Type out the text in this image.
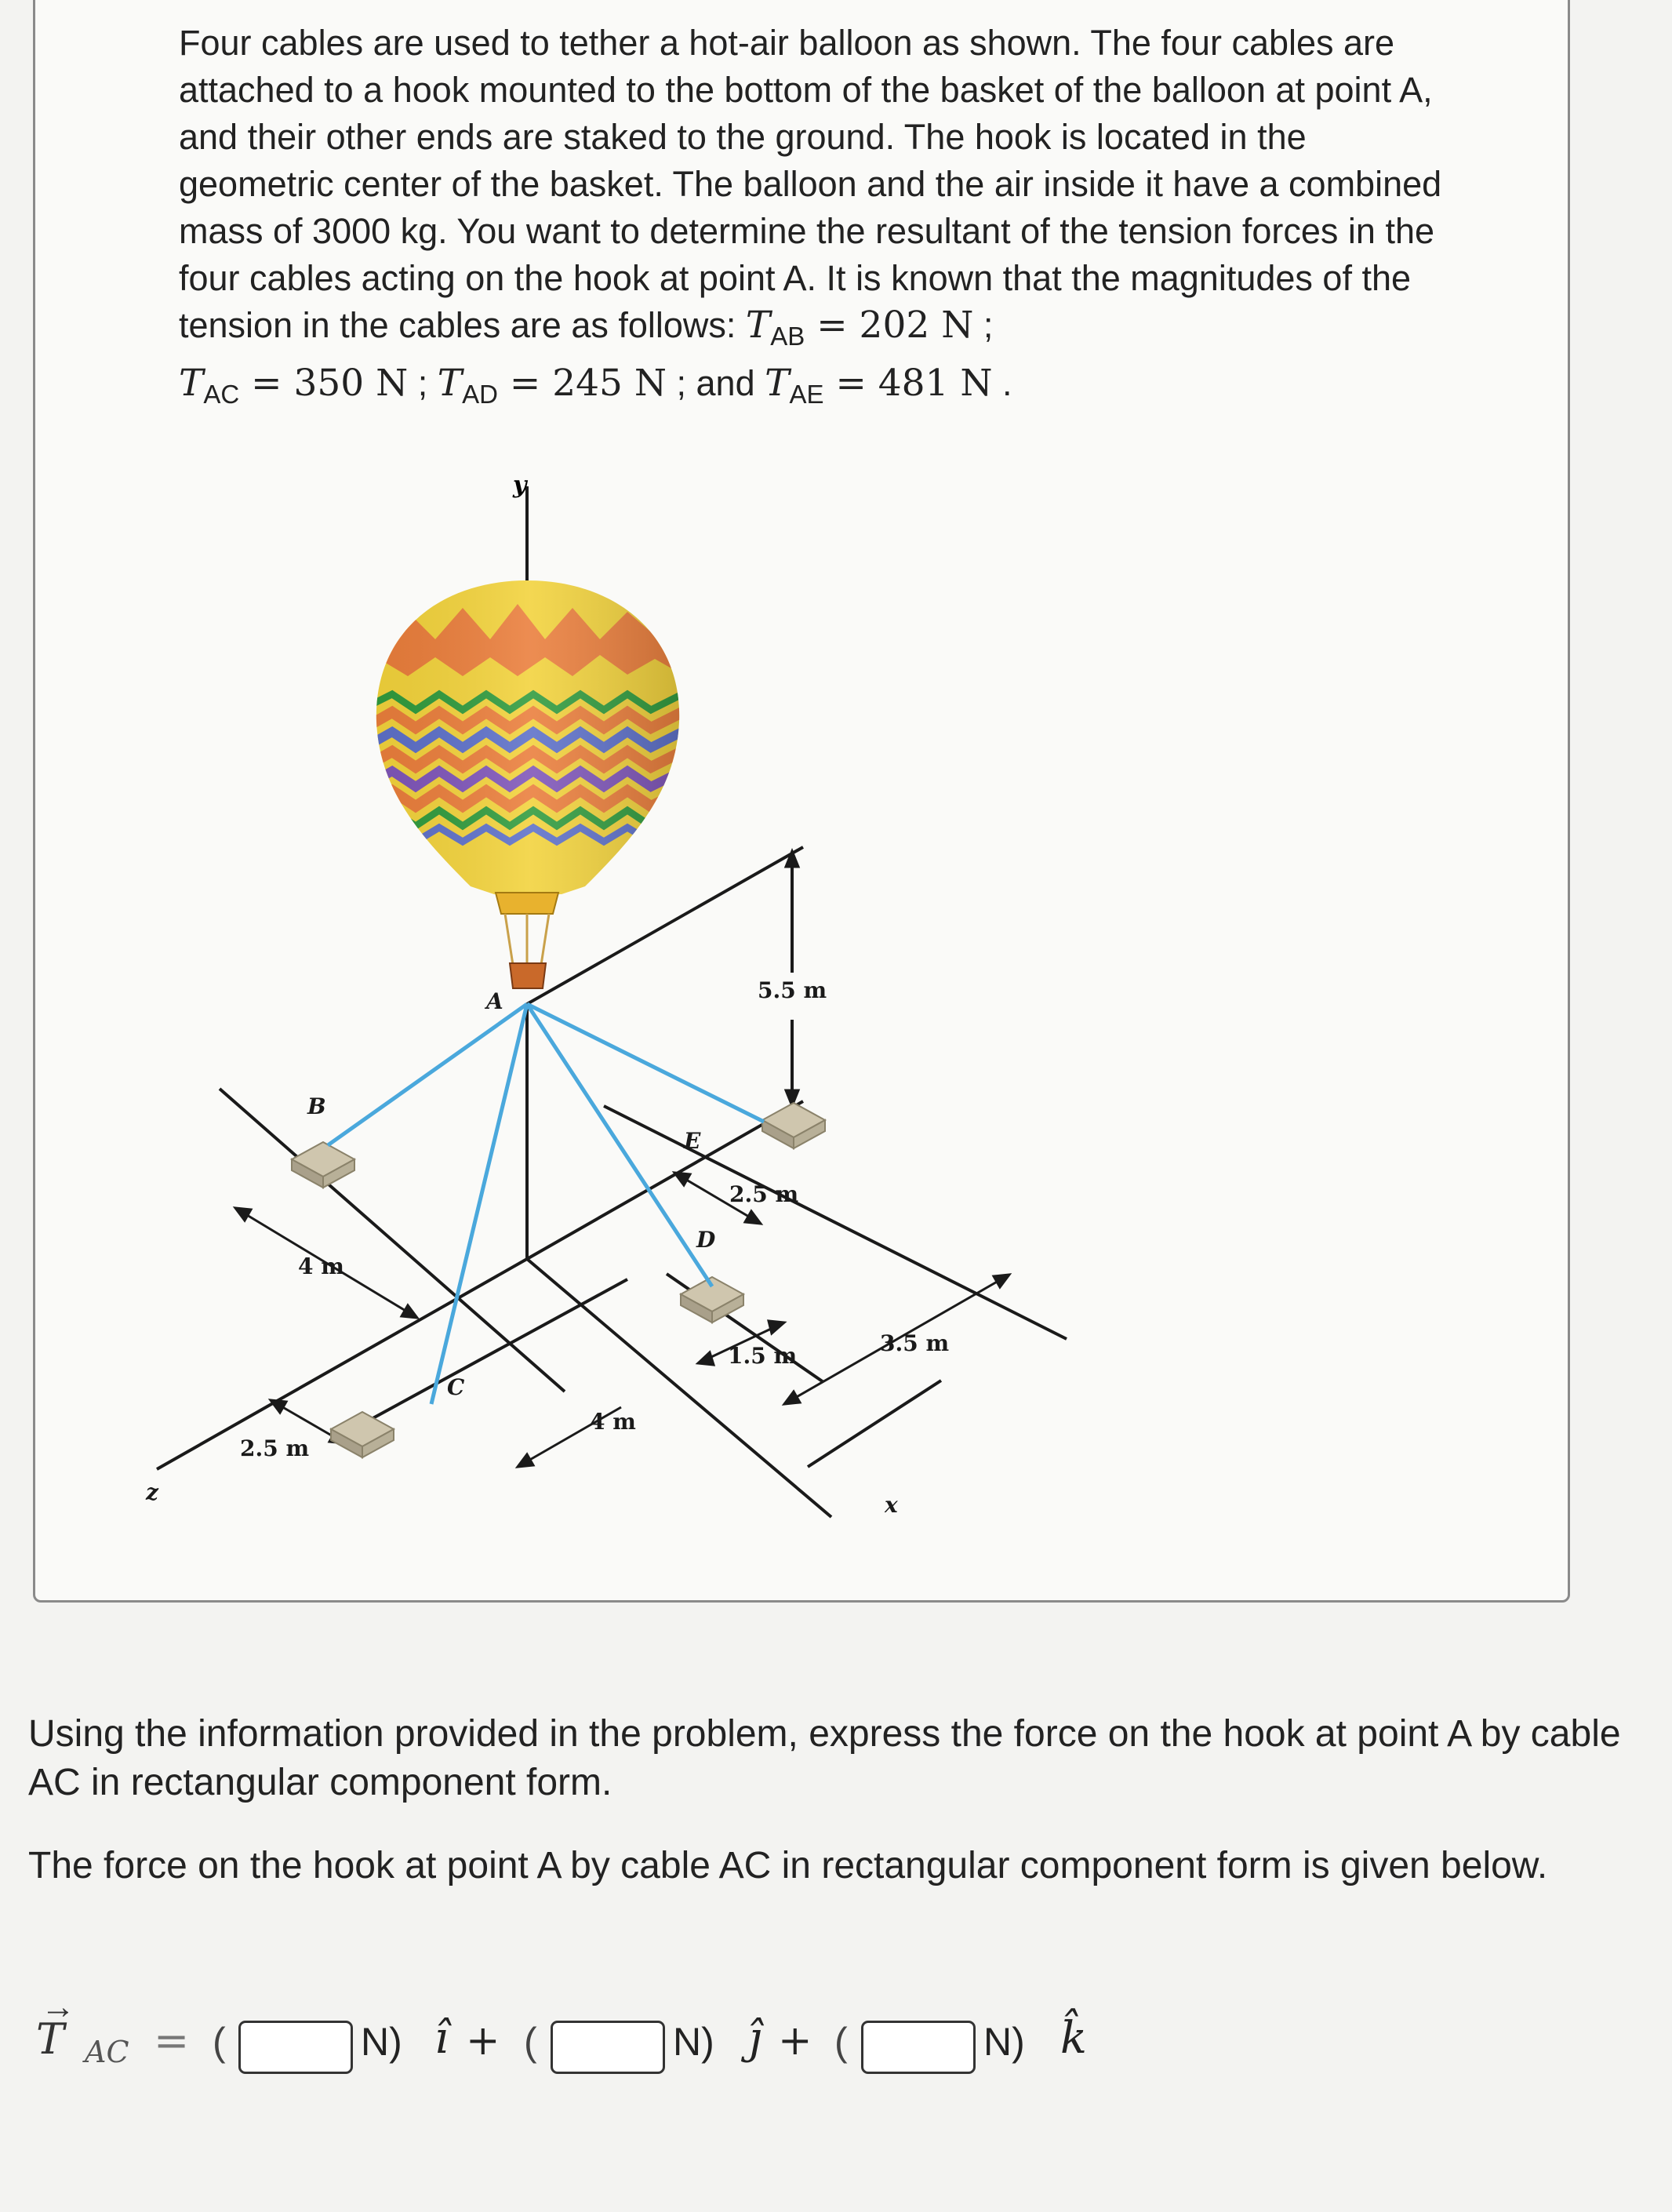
Four cables are used to tether a hot-air balloon as shown. The four cables are attached to a hook mounted to the bottom of the basket of the balloon at point A, and their other ends are staked to the ground. The hook is located in the geometric center of the basket. The balloon and the air inside it have a combined mass of 3000 kg. You want to determine the resultant of the tension forces in the four cables acting on the hook at point A. It is known that the magnitudes of the tension in the cables are as follows: $T_{AB} = 202$ N ;
$T_{AC} = 350$ N ; $T_{AD} = 245$ N ; and $T_{AE} = 481$ N .
y
A
B
C
D
E
z	x
5.5 m
2.5 m
1.5 m	3.5 m
4 m
4 m
2.5 m
Using the information provided in the problem, express the force on the hook at point A by cable AC in rectangular component form.
The force on the hook at point A by cable AC in rectangular component form is given below.
T
→
AC = (	N) î + (	N) ĵ + (	N) k̂
